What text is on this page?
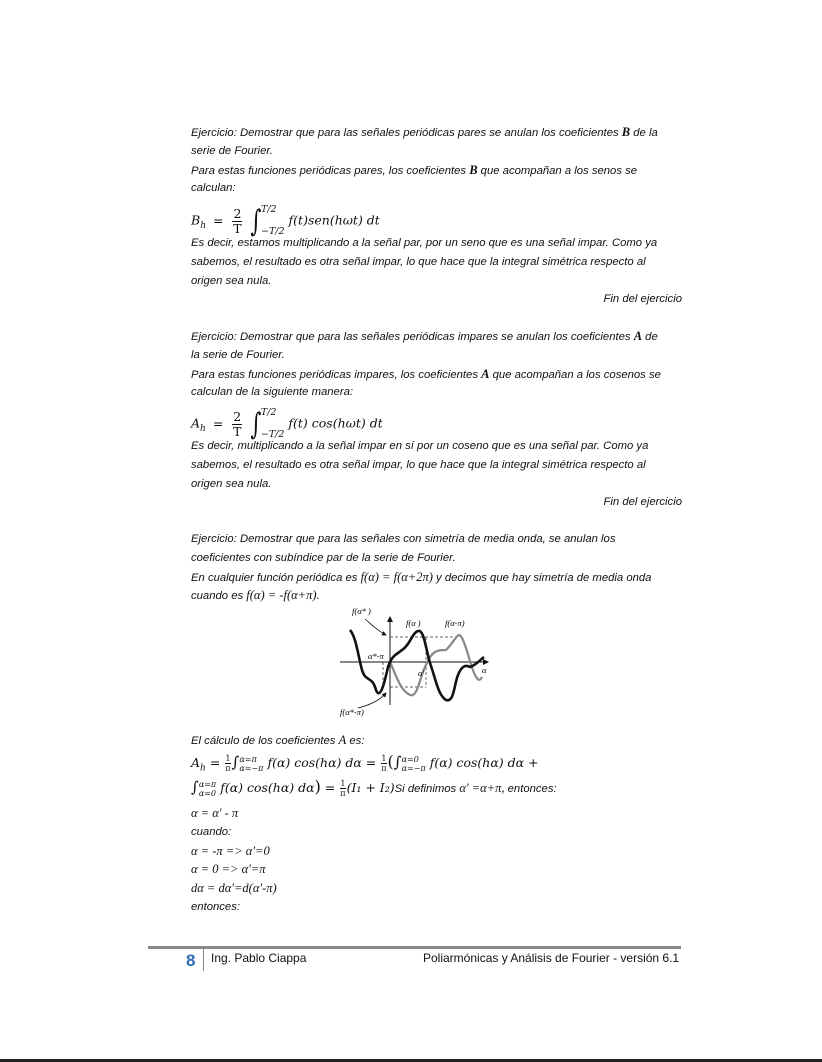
Ejercicio: Demostrar que para las señales periódicas pares se anulan los coeficientes B de la
serie de Fourier.
Para estas funciones periódicas pares, los coeficientes B que acompañan a los senos se
calculan:
$B_h = \frac{2}{T}$ ∫ T/2
−T/2
f(t)sen(hωt) dt
Es decir, estamos multiplicando a la señal par, por un seno que es una señal impar. Como ya
sabemos, el resultado es otra señal impar, lo que hace que la integral simétrica respecto al
origen sea nula.
Fin del ejercicio
Ejercicio: Demostrar que para las señales periódicas impares se anulan los coeficientes A de
la serie de Fourier.
Para estas funciones periódicas impares, los coeficientes A que acompañan a los cosenos se
calculan de la siguiente manera:
$A_h = \frac{2}{T}$ ∫ T/2
−T/2
f(t) cos(hωt) dt
Es decir, multiplicando a la señal impar en sí por un coseno que es una señal par. Como ya
sabemos, el resultado es otra señal impar, lo que hace que la integral simétrica respecto al
origen sea nula.
Fin del ejercicio
Ejercicio: Demostrar que para las señales con simetría de media onda, se anulan los
coeficientes con subíndice par de la serie de Fourier.
En cualquier función periódica es f(α) = f(α+2π) y decimos que hay simetría de media onda
cuando es f(α) = -f(α+π).
f(α* )
f(α )	f(α-π)
α*-π
α'	α
f(α*-π)
El cálculo de los coeficientes A es:
$A_h = \frac{1}{\pi}$ ∫ α=π
α=−π f(α) cos(hα) $d\alpha = \frac{1}{\pi}$ (∫ α=0
α=−π f(α) cos(hα) dα +
∫ α=π
α=0 f(α) cos(hα) $d\alpha) = \frac{1}{\pi} (I_1 + I_2)Si$ definimos α' =α+π, entonces:
α = α' - π
cuando:
α = -π => α'=0
α = 0 => α'=π
dα = dα'=d(α'-π)
entonces:
8 Ing. Pablo Ciappa	Poliarmónicas y Análisis de Fourier - versión 6.1
